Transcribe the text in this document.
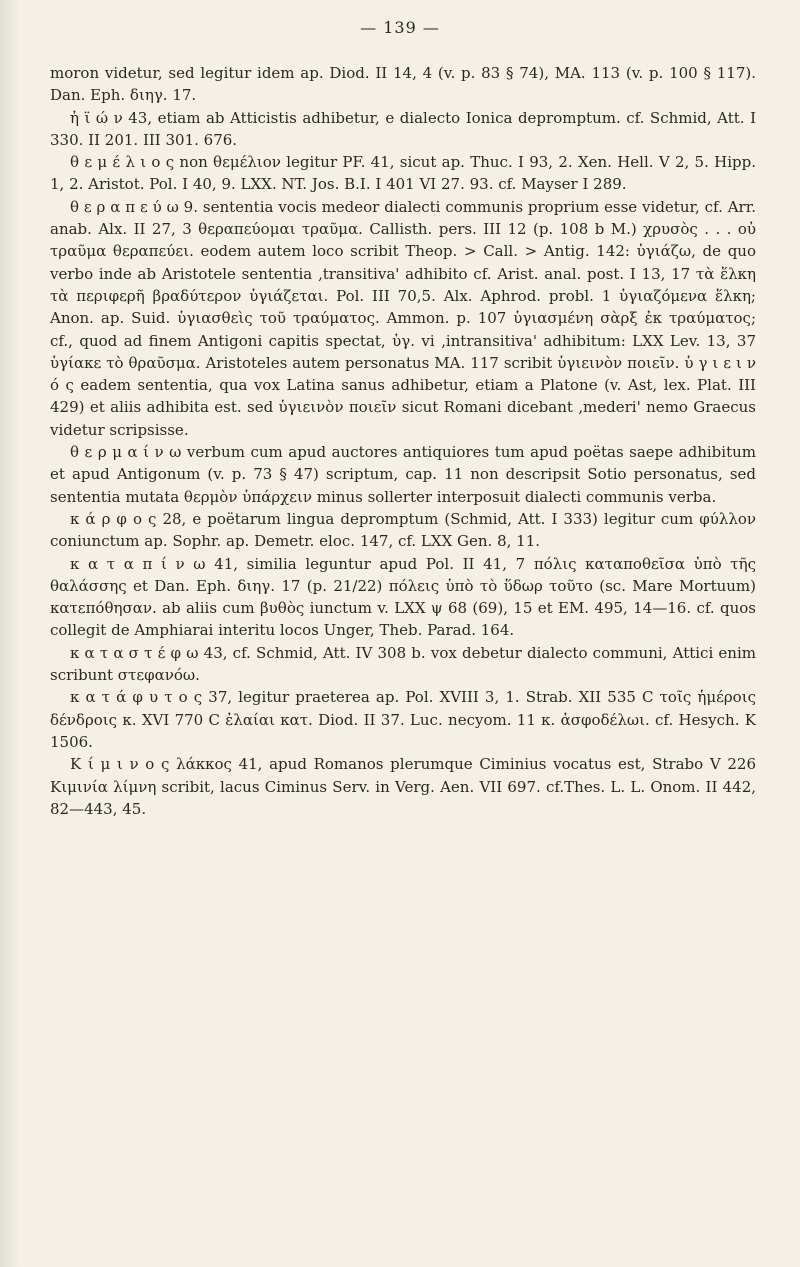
— 139 —

moron videtur, sed legitur idem ap. Diod. II 14, 4 (v. p. 83 § 74), MA. 113 (v. p. 100 § 117). Dan. Eph. διηγ. 17.

ἡ ϊ ώ ν 43, etiam ab Atticistis adhibetur, e dialecto Ionica depromptum. cf. Schmid, Att. I 330. II 201. III 301. 676.

θ ε μ έ λ ι ο ς non θεμέλιον legitur PF. 41, sicut ap. Thuc. I 93, 2. Xen. Hell. V 2, 5. Hipp. 1, 2. Aristot. Pol. I 40, 9. LXX. NT. Jos. B.I. I 401 VI 27. 93. cf. Mayser I 289.

θ ε ρ α π ε ύ ω 9. sententia vocis medeor dialecti communis proprium esse videtur, cf. Arr. anab. Alx. II 27, 3 θεραπεύομαι τραῦμα. Callisth. pers. III 12 (p. 108 b M.) χρυσὸς . . . οὐ τραῦμα θεραπεύει. eodem autem loco scribit Theop. > Call. > Antig. 142: ὑγιάζω, de quo verbo inde ab Aristotele sententia ‚transitiva' adhibito cf. Arist. anal. post. I 13, 17 τὰ ἕλκη τὰ περιφερῆ βραδύτερον ὑγιάζεται. Pol. III 70,5. Alx. Aphrod. probl. 1 ὑγιαζόμενα ἕλκη; Anon. ap. Suid. ὑγιασθεὶς τοῦ τραύματος. Ammon. p. 107 ὑγιασμένη σὰρξ ἐκ τραύματος; cf., quod ad finem Antigoni capitis spectat, ὑγ. vi ‚intransitiva' adhibitum: LXX Lev. 13, 37 ὑγίακε τὸ θραῦσμα. Aristoteles autem personatus MA. 117 scribit ὑγιεινὸν ποιεῖν. ὑ γ ι ε ι ν ό ς eadem sententia, qua vox Latina sanus adhibetur, etiam a Platone (v. Ast, lex. Plat. III 429) et aliis adhibita est. sed ὑγιεινὸν ποιεῖν sicut Romani dicebant ‚mederi' nemo Graecus videtur scripsisse.

θ ε ρ μ α ί ν ω verbum cum apud auctores antiquiores tum apud poëtas saepe adhibitum et apud Antigonum (v. p. 73 § 47) scriptum, cap. 11 non descripsit Sotio personatus, sed sententia mutata θερμὸν ὑπάρχειν minus sollerter interposuit dialecti communis verba.

κ ά ρ φ ο ς 28, e poëtarum lingua depromptum (Schmid, Att. I 333) legitur cum φύλλον coniunctum ap. Sophr. ap. Demetr. eloc. 147, cf. LXX Gen. 8, 11.

κ α τ α π ί ν ω 41, similia leguntur apud Pol. II 41, 7 πόλις καταποθεῖσα ὑπὸ τῆς θαλάσσης et Dan. Eph. διηγ. 17 (p. 21/22) πόλεις ὑπὸ τὸ ὕδωρ τοῦτο (sc. Mare Mortuum) κατεπόθησαν. ab aliis cum βυθὸς iunctum v. LXX ψ 68 (69), 15 et EM. 495, 14—16. cf. quos collegit de Amphiarai interitu locos Unger, Theb. Parad. 164.

κ α τ α σ τ έ φ ω 43, cf. Schmid, Att. IV 308 b. vox debetur dialecto communi, Attici enim scribunt στεφανόω.

κ α τ ά φ υ τ ο ς 37, legitur praeterea ap. Pol. XVIII 3, 1. Strab. XII 535 C τοῖς ἡμέροις δένδροις κ. XVI 770 C ἐλαίαι κατ. Diod. II 37. Luc. necyom. 11 κ. ἀσφοδέλωι. cf. Hesych. K 1506.

Κ ί μ ι ν ο ς λάκκος 41, apud Romanos plerumque Ciminius vocatus est, Strabo V 226 Κιμινία λίμνη scribit, lacus Ciminus Serv. in Verg. Aen. VII 697. cf.Thes. L. L. Onom. II 442, 82—443, 45.
